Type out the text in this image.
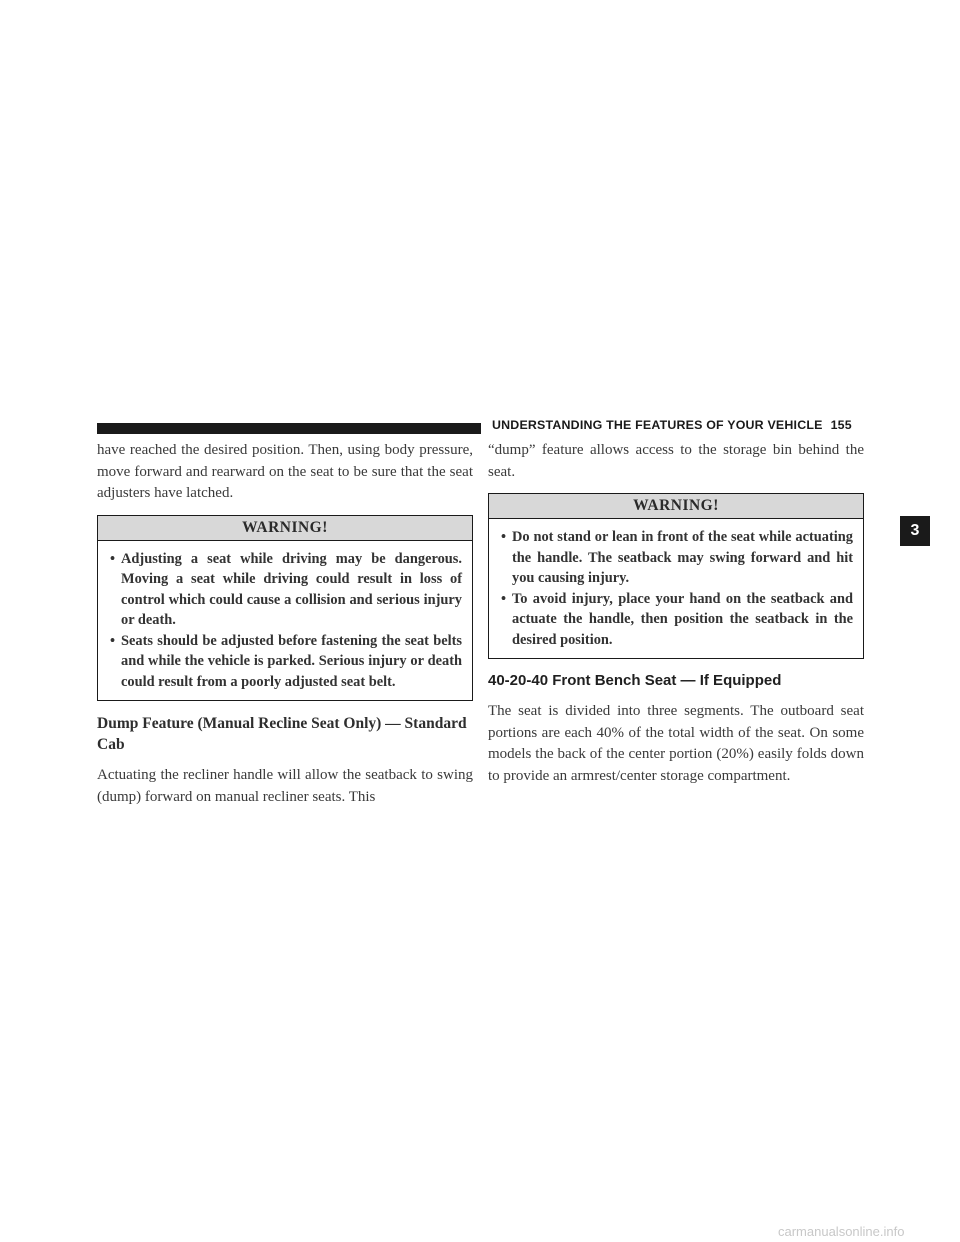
UNDERSTANDING THE FEATURES OF YOUR VEHICLE 155
3

have reached the desired position. Then, using body pressure, move forward and rearward on the seat to be sure that the seat adjusters have latched.

WARNING!
• Adjusting a seat while driving may be dangerous. Moving a seat while driving could result in loss of control which could cause a collision and serious injury or death.
• Seats should be adjusted before fastening the seat belts and while the vehicle is parked. Serious injury or death could result from a poorly adjusted seat belt.

Dump Feature (Manual Recline Seat Only) — Standard Cab

Actuating the recliner handle will allow the seatback to swing (dump) forward on manual recliner seats. This

“dump” feature allows access to the storage bin behind the seat.

WARNING!
• Do not stand or lean in front of the seat while actuating the handle. The seatback may swing forward and hit you causing injury.
• To avoid injury, place your hand on the seatback and actuate the handle, then position the seatback in the desired position.

40-20-40 Front Bench Seat — If Equipped

The seat is divided into three segments. The outboard seat portions are each 40% of the total width of the seat. On some models the back of the center portion (20%) easily folds down to provide an armrest/center storage compartment.

carmanualsonline.info
